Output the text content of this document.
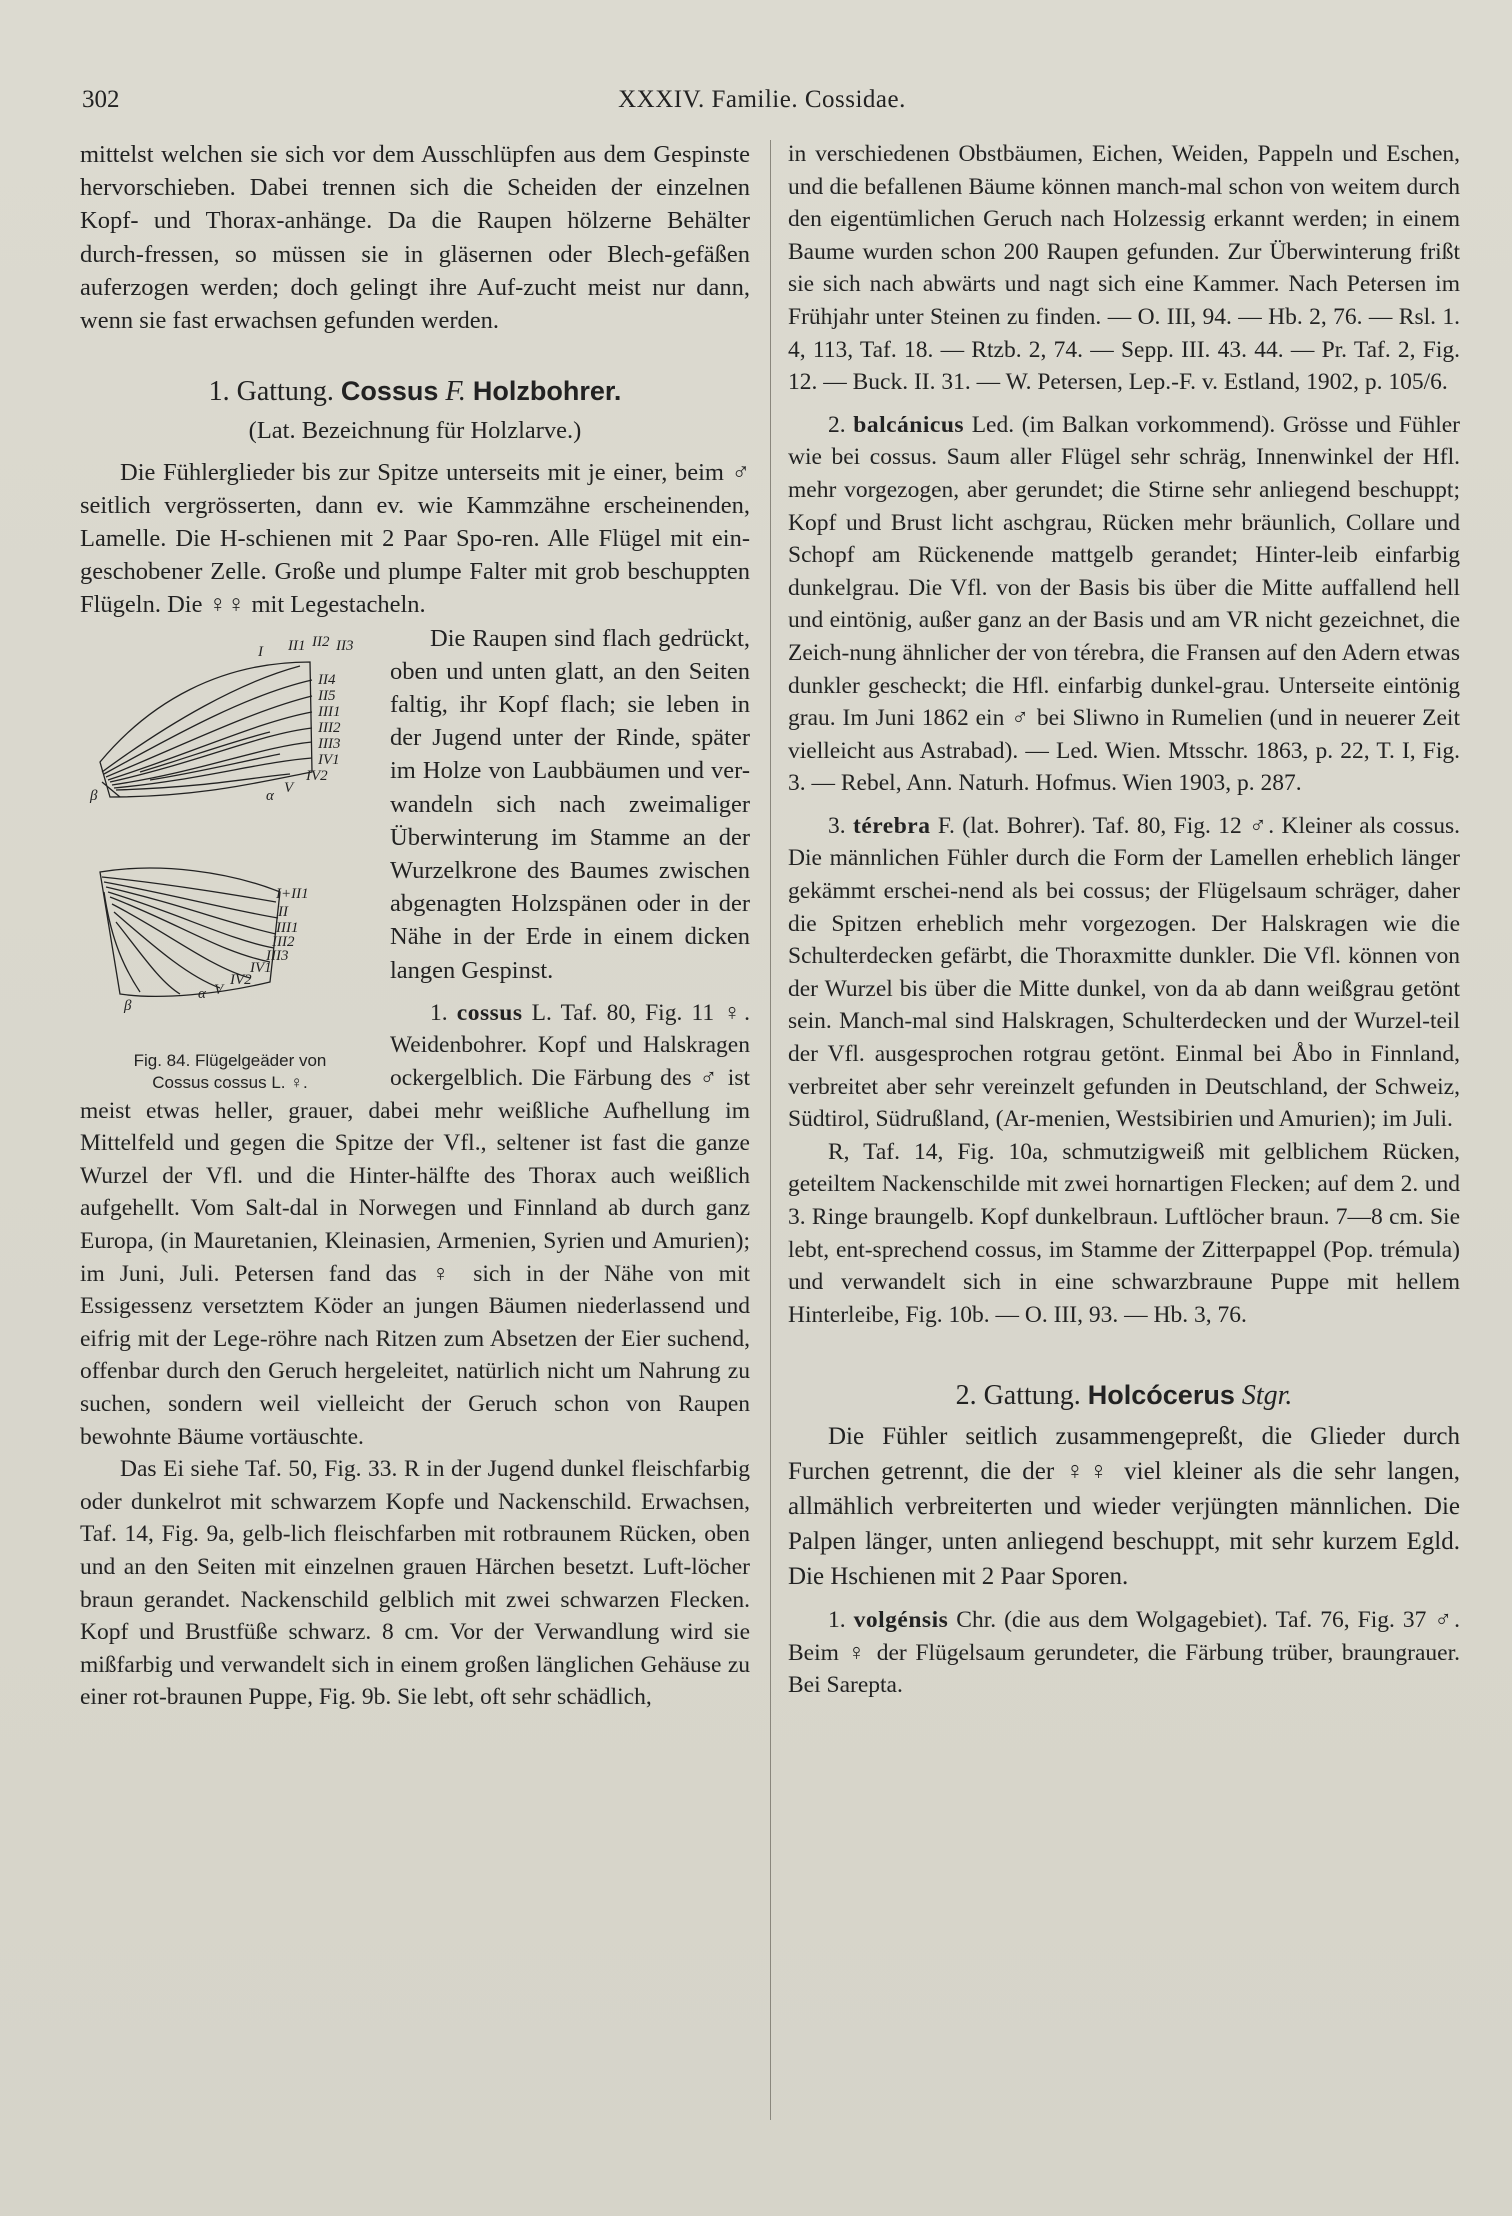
302	XXXIV. Familie. Cossidae.

mittelst welchen sie sich vor dem Ausschlüpfen aus dem Gespinste hervorschieben. Dabei trennen sich die Scheiden der einzelnen Kopf- und Thorax-anhänge. Da die Raupen hölzerne Behälter durch-fressen, so müssen sie in gläsernen oder Blech-gefäßen auferzogen werden; doch gelingt ihre Auf-zucht meist nur dann, wenn sie fast erwachsen gefunden werden.

1. Gattung. Cossus F. Holzbohrer.
(Lat. Bezeichnung für Holzlarve.)

Die Fühlerglieder bis zur Spitze unterseits mit je einer, beim ♂ seitlich vergrösserten, dann ev. wie Kammzähne erscheinenden, Lamelle. Die H-schienen mit 2 Paar Spo-ren. Alle Flügel mit ein-geschobener Zelle. Große und plumpe Falter mit grob beschuppten Flügeln. Die ♀♀ mit Legestacheln.

I II1 II2 II3
II4
II5
III1
III2
III3
IV1
IV2
V
α
β
I+II1
II
III1
III2
III3
IV1
IV2
V
α
β
Fig. 84. Flügelgeäder von
Cossus cossus L. ♀.

Die Raupen sind flach gedrückt, oben und unten glatt, an den Seiten faltig, ihr Kopf flach; sie leben in der Jugend unter der Rinde, später im Holze von Laubbäumen und ver-wandeln sich nach zweimaliger Überwinterung im Stamme an der Wurzelkrone des Baumes zwischen abgenagten Holzspänen oder in der Nähe in der Erde in einem dicken langen Gespinst.

1. cossus L. Taf. 80, Fig. 11 ♀. Weidenbohrer. Kopf und Halskragen ockergelblich. Die Färbung des ♂ ist meist etwas heller, grauer, dabei mehr weißliche Aufhellung im Mittelfeld und gegen die Spitze der Vfl., seltener ist fast die ganze Wurzel der Vfl. und die Hinter-hälfte des Thorax auch weißlich aufgehellt. Vom Salt-dal in Norwegen und Finnland ab durch ganz Europa, (in Mauretanien, Kleinasien, Armenien, Syrien und Amurien); im Juni, Juli. Petersen fand das ♀ sich in der Nähe von mit Essigessenz versetztem Köder an jungen Bäumen niederlassend und eifrig mit der Lege-röhre nach Ritzen zum Absetzen der Eier suchend, offenbar durch den Geruch hergeleitet, natürlich nicht um Nahrung zu suchen, sondern weil vielleicht der Geruch schon von Raupen bewohnte Bäume vortäuschte.

Das Ei siehe Taf. 50, Fig. 33. R in der Jugend dunkel fleischfarbig oder dunkelrot mit schwarzem Kopfe und Nackenschild. Erwachsen, Taf. 14, Fig. 9a, gelb-lich fleischfarben mit rotbraunem Rücken, oben und an den Seiten mit einzelnen grauen Härchen besetzt. Luft-löcher braun gerandet. Nackenschild gelblich mit zwei schwarzen Flecken. Kopf und Brustfüße schwarz. 8 cm. Vor der Verwandlung wird sie mißfarbig und verwandelt sich in einem großen länglichen Gehäuse zu einer rot-braunen Puppe, Fig. 9b. Sie lebt, oft sehr schädlich,

in verschiedenen Obstbäumen, Eichen, Weiden, Pappeln und Eschen, und die befallenen Bäume können manch-mal schon von weitem durch den eigentümlichen Geruch nach Holzessig erkannt werden; in einem Baume wurden schon 200 Raupen gefunden. Zur Überwinterung frißt sie sich nach abwärts und nagt sich eine Kammer. Nach Petersen im Frühjahr unter Steinen zu finden. — O. III, 94. — Hb. 2, 76. — Rsl. 1. 4, 113, Taf. 18. — Rtzb. 2, 74. — Sepp. III. 43. 44. — Pr. Taf. 2, Fig. 12. — Buck. II. 31. — W. Petersen, Lep.-F. v. Estland, 1902, p. 105/6.

2. balcánicus Led. (im Balkan vorkommend). Grösse und Fühler wie bei cossus. Saum aller Flügel sehr schräg, Innenwinkel der Hfl. mehr vorgezogen, aber gerundet; die Stirne sehr anliegend beschuppt; Kopf und Brust licht aschgrau, Rücken mehr bräunlich, Collare und Schopf am Rückenende mattgelb gerandet; Hinter-leib einfarbig dunkelgrau. Die Vfl. von der Basis bis über die Mitte auffallend hell und eintönig, außer ganz an der Basis und am VR nicht gezeichnet, die Zeich-nung ähnlicher der von térebra, die Fransen auf den Adern etwas dunkler gescheckt; die Hfl. einfarbig dunkel-grau. Unterseite eintönig grau. Im Juni 1862 ein ♂ bei Sliwno in Rumelien (und in neuerer Zeit vielleicht aus Astrabad). — Led. Wien. Mtsschr. 1863, p. 22, T. I, Fig. 3. — Rebel, Ann. Naturh. Hofmus. Wien 1903, p. 287.

3. térebra F. (lat. Bohrer). Taf. 80, Fig. 12 ♂. Kleiner als cossus. Die männlichen Fühler durch die Form der Lamellen erheblich länger gekämmt erschei-nend als bei cossus; der Flügelsaum schräger, daher die Spitzen erheblich mehr vorgezogen. Der Halskragen wie die Schulterdecken gefärbt, die Thoraxmitte dunkler. Die Vfl. können von der Wurzel bis über die Mitte dunkel, von da ab dann weißgrau getönt sein. Manch-mal sind Halskragen, Schulterdecken und der Wurzel-teil der Vfl. ausgesprochen rotgrau getönt. Einmal bei Åbo in Finnland, verbreitet aber sehr vereinzelt gefunden in Deutschland, der Schweiz, Südtirol, Südrußland, (Ar-menien, Westsibirien und Amurien); im Juli.

R, Taf. 14, Fig. 10a, schmutzigweiß mit gelblichem Rücken, geteiltem Nackenschilde mit zwei hornartigen Flecken; auf dem 2. und 3. Ringe braungelb. Kopf dunkelbraun. Luftlöcher braun. 7—8 cm. Sie lebt, ent-sprechend cossus, im Stamme der Zitterpappel (Pop. trémula) und verwandelt sich in eine schwarzbraune Puppe mit hellem Hinterleibe, Fig. 10b. — O. III, 93. — Hb. 3, 76.

2. Gattung. Holcócerus Stgr.

Die Fühler seitlich zusammengepreßt, die Glieder durch Furchen getrennt, die der ♀♀ viel kleiner als die sehr langen, allmählich verbreiterten und wieder verjüngten männlichen. Die Palpen länger, unten anliegend beschuppt, mit sehr kurzem Egld. Die Hschienen mit 2 Paar Sporen.

1. volgénsis Chr. (die aus dem Wolgagebiet). Taf. 76, Fig. 37 ♂. Beim ♀ der Flügelsaum gerundeter, die Färbung trüber, braungrauer. Bei Sarepta.
